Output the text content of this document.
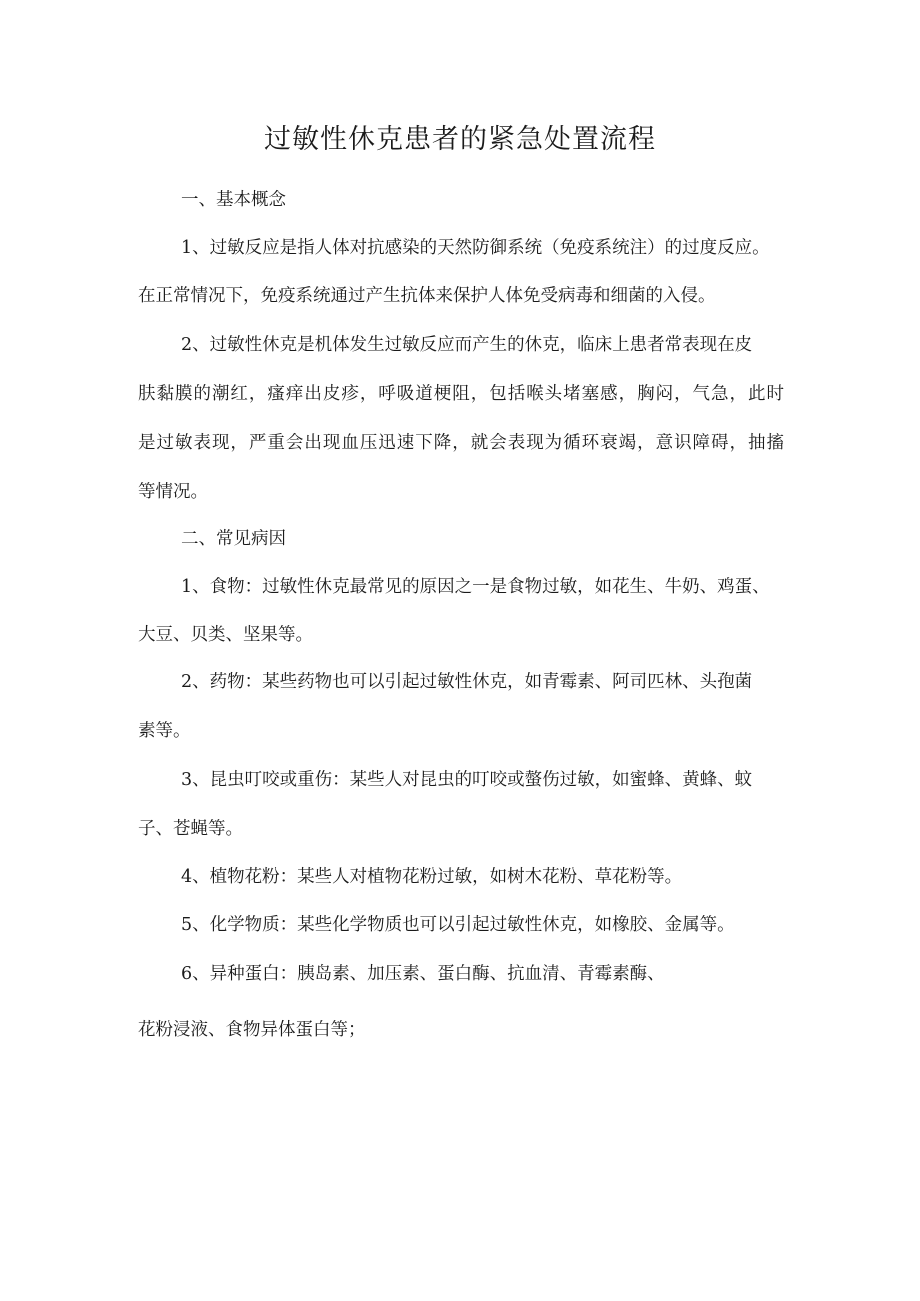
过敏性休克患者的紧急处置流程

一、基本概念

1、过敏反应是指人体对抗感染的天然防御系统（免疫系统注）的过度反应。

在正常情况下，免疫系统通过产生抗体来保护人体免受病毒和细菌的入侵。

2、过敏性休克是机体发生过敏反应而产生的休克，临床上患者常表现在皮

肤黏膜的潮红，瘙痒出皮疹，呼吸道梗阻，包括喉头堵塞感，胸闷，气急，此时

是过敏表现，严重会出现血压迅速下降，就会表现为循环衰竭，意识障碍，抽搐

等情况。

二、常见病因

1、食物：过敏性休克最常见的原因之一是食物过敏，如花生、牛奶、鸡蛋、

大豆、贝类、坚果等。

2、药物：某些药物也可以引起过敏性休克，如青霉素、阿司匹林、头孢菌

素等。

3、昆虫叮咬或重伤：某些人对昆虫的叮咬或螫伤过敏，如蜜蜂、黄蜂、蚊

子、苍蝇等。

4、植物花粉：某些人对植物花粉过敏，如树木花粉、草花粉等。

5、化学物质：某些化学物质也可以引起过敏性休克，如橡胶、金属等。

6、异种蛋白：胰岛素、加压素、蛋白酶、抗血清、青霉素酶、

花粉浸液、食物异体蛋白等；
